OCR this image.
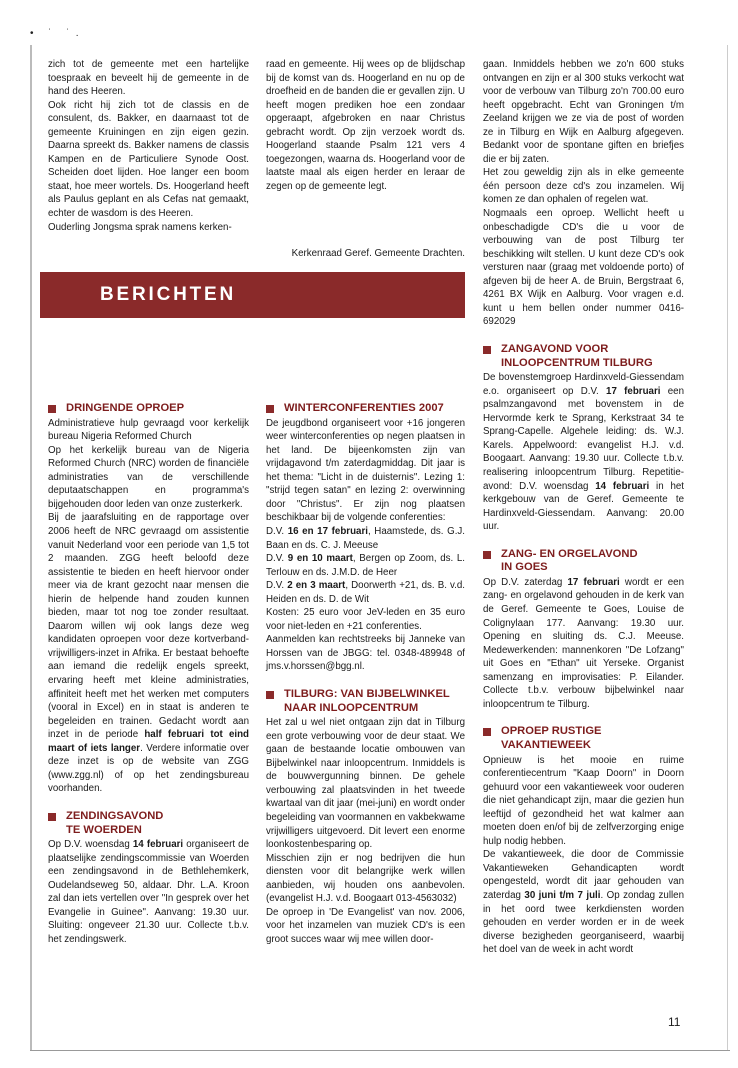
• ˙ ˙.

zich tot de gemeente met een hartelijke toespraak en beveelt hij de gemeente in de hand des Heeren.

Ook richt hij zich tot de classis en de consulent, ds. Bakker, en daarnaast tot de gemeente Kruiningen en zijn eigen gezin. Daarna spreekt ds. Bakker namens de classis Kampen en de Particuliere Synode Oost. Scheiden doet lijden. Hoe langer een boom staat, hoe meer wortels. Ds. Hoogerland heeft als Paulus geplant en als Cefas nat gemaakt, echter de wasdom is des Heeren.

Ouderling Jongsma sprak namens kerken-

raad en gemeente. Hij wees op de blijdschap bij de komst van ds. Hoogerland en nu op de droefheid en de banden die er gevallen zijn. U heeft mogen prediken hoe een zondaar opgeraapt, afgebroken en naar Christus gebracht wordt. Op zijn verzoek wordt ds. Hoogerland staande Psalm 121 vers 4 toegezongen, waarna ds. Hoogerland voor de laatste maal als eigen herder en leraar de zegen op de gemeente legt.

Kerkenraad Geref. Gemeente Drachten.
BERICHTEN
DRINGENDE OPROEP

Administratieve hulp gevraagd voor kerkelijk bureau Nigeria Reformed Church

Op het kerkelijk bureau van de Nigeria Reformed Church (NRC) worden de financiële administraties van de verschillende deputaatschappen en programma's bijgehouden door leden van onze zusterkerk.

Bij de jaarafsluiting en de rapportage over 2006 heeft de NRC gevraagd om assistentie vanuit Nederland voor een periode van 1,5 tot 2 maanden. ZGG heeft beloofd deze assistentie te bieden en heeft hiervoor onder meer via de krant gezocht naar mensen die hierin de helpende hand zouden kunnen bieden, maar tot nog toe zonder resultaat. Daarom willen wij ook langs deze weg kandidaten oproepen voor deze kortverband-vrijwilligers-inzet in Afrika. Er bestaat behoefte aan iemand die redelijk engels spreekt, ervaring heeft met kleine administraties, affiniteit heeft met het werken met computers (vooral in Excel) en in staat is anderen te begeleiden en trainen. Gedacht wordt aan inzet in de periode half februari tot eind maart of iets langer. Verdere informatie over deze inzet is op de website van ZGG (www.zgg.nl) of op het zendingsbureau voorhanden.

ZENDINGSAVOND
TE WOERDEN

Op D.V. woensdag 14 februari organiseert de plaatselijke zendingscommissie van Woerden een zendingsavond in de Bethlehemkerk, Oudelandseweg 50, aldaar. Dhr. L.A. Kroon zal dan iets vertellen over "In gesprek over het Evangelie in Guinee". Aanvang: 19.30 uur. Sluiting: ongeveer 21.30 uur. Collecte t.b.v. het zendingswerk.

WINTERCONFERENTIES 2007

De jeugdbond organiseert voor +16 jongeren weer winterconferenties op negen plaatsen in het land. De bijeenkomsten zijn van vrijdagavond t/m zaterdagmiddag. Dit jaar is het thema: "Licht in de duisternis". Lezing 1: "strijd tegen satan" en lezing 2: overwinning door "Christus". Er zijn nog plaatsen beschikbaar bij de volgende conferenties:

D.V. 16 en 17 februari, Haamstede, ds. G.J. Baan en ds. C. J. Meeuse

D.V. 9 en 10 maart, Bergen op Zoom, ds. L. Terlouw en ds. J.M.D. de Heer

D.V. 2 en 3 maart, Doorwerth +21, ds. B. v.d. Heiden en ds. D. de Wit

Kosten: 25 euro voor JeV-leden en 35 euro voor niet-leden en +21 conferenties.

Aanmelden kan rechtstreeks bij Janneke van Horssen van de JBGG: tel. 0348-489948 of jms.v.horssen@bgg.nl.

TILBURG: VAN BIJBELWINKEL
NAAR INLOOPCENTRUM

Het zal u wel niet ontgaan zijn dat in Tilburg een grote verbouwing voor de deur staat. We gaan de bestaande locatie ombouwen van Bijbelwinkel naar inloopcentrum. Inmiddels is de bouwvergunning binnen. De gehele verbouwing zal plaatsvinden in het tweede kwartaal van dit jaar (mei-juni) en wordt onder begeleiding van voormannen en vakbekwame vrijwilligers uitgevoerd. Dit levert een enorme loonkostenbesparing op.

Misschien zijn er nog bedrijven die hun diensten voor dit belangrijke werk willen aanbieden, wij houden ons aanbevolen. (evangelist H.J. v.d. Boogaart 013-4563032)

De oproep in 'De Evangelist' van nov. 2006, voor het inzamelen van muziek CD's is een groot succes waar wij mee willen door-

gaan. Inmiddels hebben we zo'n 600 stuks ontvangen en zijn er al 300 stuks verkocht wat voor de verbouw van Tilburg zo'n 700.00 euro heeft opgebracht. Echt van Groningen t/m Zeeland krijgen we ze via de post of worden ze in Tilburg en Wijk en Aalburg afgegeven. Bedankt voor de spontane giften en briefjes die er bij zaten.

Het zou geweldig zijn als in elke gemeente één persoon deze cd's zou inzamelen. Wij komen ze dan ophalen of regelen wat.

Nogmaals een oproep. Wellicht heeft u onbeschadigde CD's die u voor de verbouwing van de post Tilburg ter beschikking wilt stellen. U kunt deze CD's ook versturen naar (graag met voldoende porto) of afgeven bij de heer A. de Bruin, Bergstraat 6, 4261 BX Wijk en Aalburg. Voor vragen e.d. kunt u hem bellen onder nummer 0416-692029

ZANGAVOND VOOR
INLOOPCENTRUM TILBURG

De bovenstemgroep Hardinxveld-Giessendam e.o. organiseert op D.V. 17 februari een psalmzangavond met bovenstem in de Hervormde kerk te Sprang, Kerkstraat 34 te Sprang-Capelle. Algehele leiding: ds. W.J. Karels. Appelwoord: evangelist H.J. v.d. Boogaart. Aanvang: 19.30 uur. Collecte t.b.v. realisering inloopcentrum Tilburg. Repetitie-avond: D.V. woensdag 14 februari in het kerkgebouw van de Geref. Gemeente te Hardinxveld-Giessendam. Aanvang: 20.00 uur.

ZANG- EN ORGELAVOND
IN GOES

Op D.V. zaterdag 17 februari wordt er een zang- en orgelavond gehouden in de kerk van de Geref. Gemeente te Goes, Louise de Colignylaan 177. Aanvang: 19.30 uur. Opening en sluiting ds. C.J. Meeuse. Medewerkenden: mannenkoren "De Lofzang" uit Goes en "Ethan" uit Yerseke. Organist samenzang en improvisaties: P. Eilander. Collecte t.b.v. verbouw bijbelwinkel naar inloopcentrum te Tilburg.

OPROEP RUSTIGE
VAKANTIEWEEK

Opnieuw is het mooie en ruime conferentiecentrum "Kaap Doorn" in Doorn gehuurd voor een vakantieweek voor ouderen die niet gehandicapt zijn, maar die gezien hun leeftijd of gezondheid het wat kalmer aan moeten doen en/of bij de zelfverzorging enige hulp nodig hebben.

De vakantieweek, die door de Commissie Vakantieweken Gehandicapten wordt opengesteld, wordt dit jaar gehouden van zaterdag 30 juni t/m 7 juli. Op zondag zullen in het oord twee kerkdiensten worden gehouden en verder worden er in de week diverse bezigheden georganiseerd, waarbij het doel van de week in acht wordt

11
